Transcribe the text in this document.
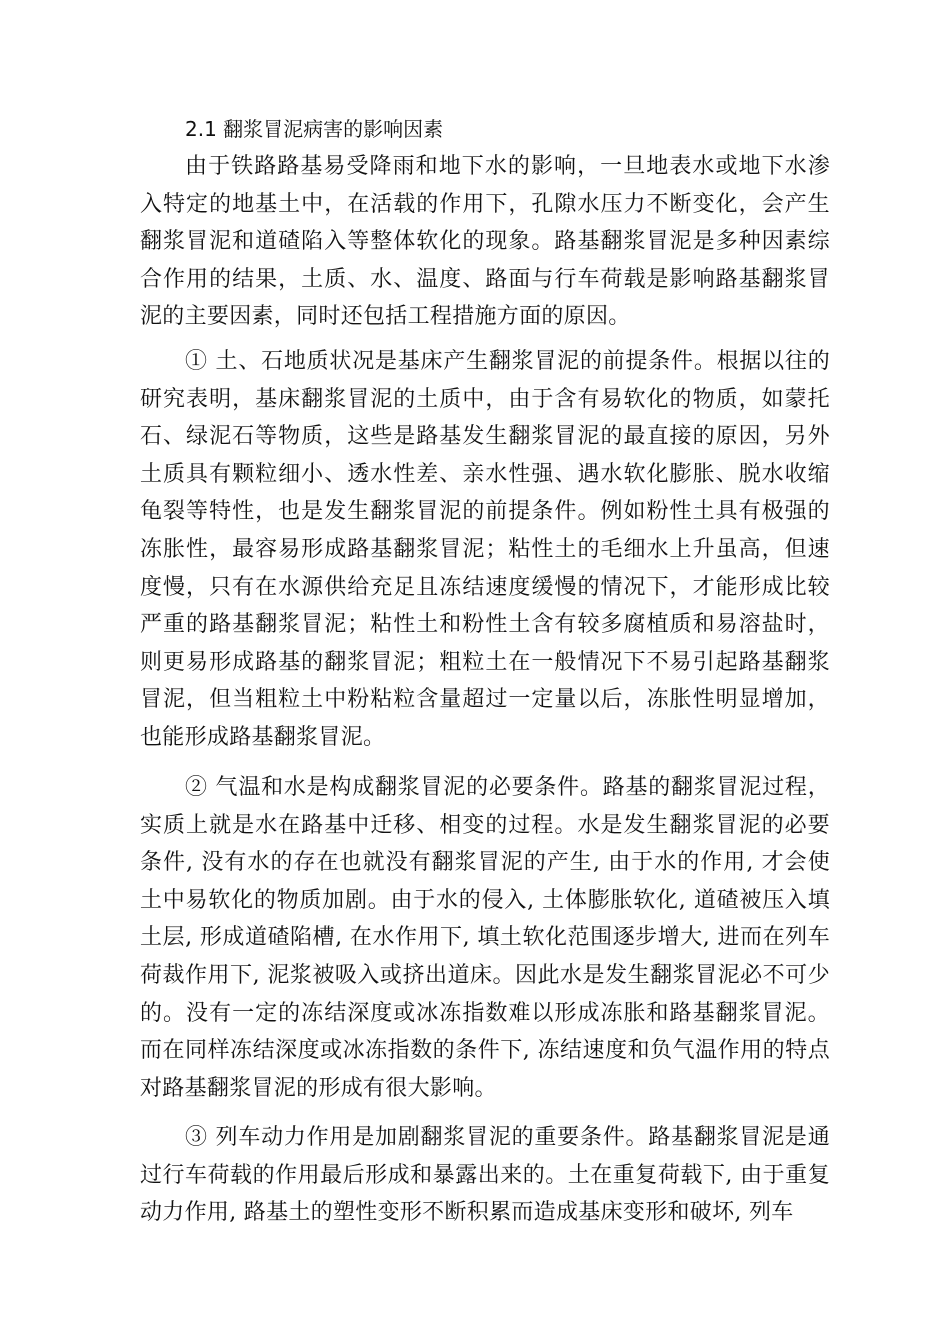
2.1 翻浆冒泥病害的影响因素
由于铁路路基易受降雨和地下水的影响，一旦地表水或地下水渗入特定的地基土中，在活载的作用下，孔隙水压力不断变化，会产生翻浆冒泥和道碴陷入等整体软化的现象。路基翻浆冒泥是多种因素综合作用的结果，土质、水、温度、路面与行车荷载是影响路基翻浆冒泥的主要因素，同时还包括工程措施方面的原因。
① 土、石地质状况是基床产生翻浆冒泥的前提条件。根据以往的研究表明，基床翻浆冒泥的土质中，由于含有易软化的物质，如蒙托石、绿泥石等物质，这些是路基发生翻浆冒泥的最直接的原因，另外土质具有颗粒细小、透水性差、亲水性强、遇水软化膨胀、脱水收缩龟裂等特性，也是发生翻浆冒泥的前提条件。例如粉性土具有极强的冻胀性，最容易形成路基翻浆冒泥；粘性土的毛细水上升虽高，但速度慢，只有在水源供给充足且冻结速度缓慢的情况下，才能形成比较严重的路基翻浆冒泥；粘性土和粉性土含有较多腐植质和易溶盐时，则更易形成路基的翻浆冒泥；粗粒土在一般情况下不易引起路基翻浆冒泥，但当粗粒土中粉粘粒含量超过一定量以后，冻胀性明显增加，也能形成路基翻浆冒泥。
② 气温和水是构成翻浆冒泥的必要条件。路基的翻浆冒泥过程，实质上就是水在路基中迁移、相变的过程。水是发生翻浆冒泥的必要条件, 没有水的存在也就没有翻浆冒泥的产生, 由于水的作用, 才会使土中易软化的物质加剧。由于水的侵入, 土体膨胀软化, 道碴被压入填土层, 形成道碴陷槽, 在水作用下, 填土软化范围逐步增大, 进而在列车荷裁作用下, 泥浆被吸入或挤出道床。因此水是发生翻浆冒泥必不可少的。没有一定的冻结深度或冰冻指数难以形成冻胀和路基翻浆冒泥。而在同样冻结深度或冰冻指数的条件下, 冻结速度和负气温作用的特点对路基翻浆冒泥的形成有很大影响。
③ 列车动力作用是加剧翻浆冒泥的重要条件。路基翻浆冒泥是通过行车荷载的作用最后形成和暴露出来的。土在重复荷载下, 由于重复动力作用, 路基土的塑性变形不断积累而造成基床变形和破坏, 列车
